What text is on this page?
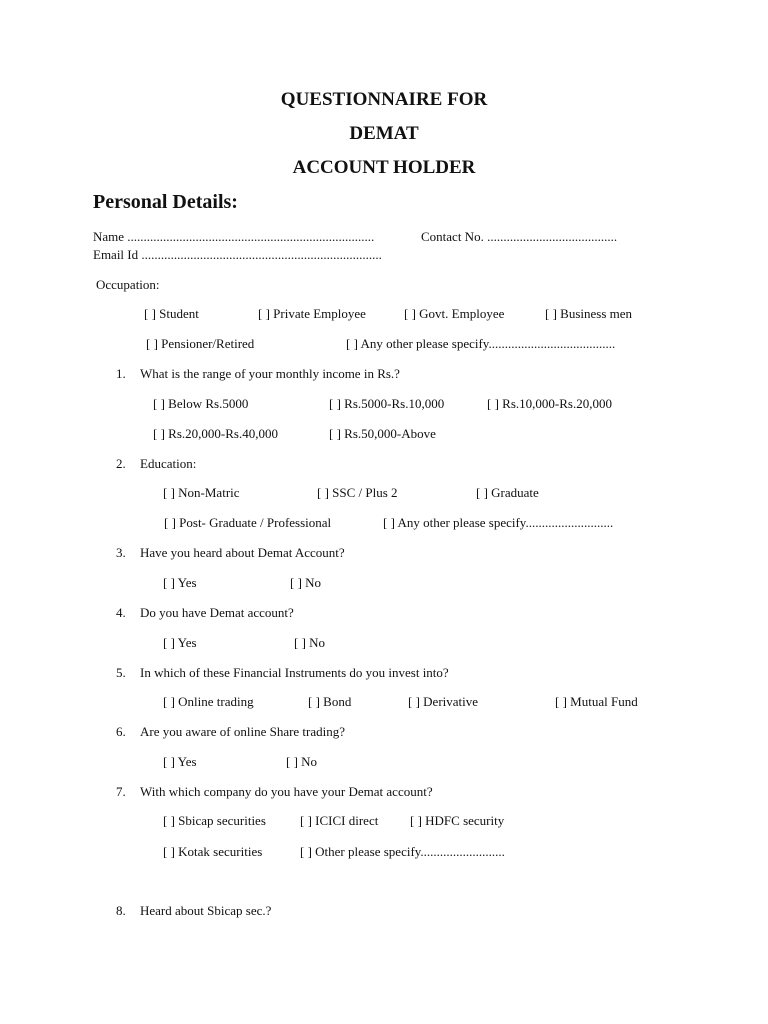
QUESTIONNAIRE FOR
DEMAT
ACCOUNT HOLDER
Personal Details:
Name ............................................................................	Contact No. ........................................
Email Id ..........................................................................
Occupation:
[ ] Student	[ ] Private Employee	[ ] Govt. Employee	[ ] Business men
[ ] Pensioner/Retired	[ ] Any other please specify.......................................
1. What is the range of your monthly income in Rs.?
[ ] Below Rs.5000	[ ] Rs.5000-Rs.10,000	[ ] Rs.10,000-Rs.20,000
[ ] Rs.20,000-Rs.40,000	[ ] Rs.50,000-Above
2. Education:
[ ] Non-Matric	[ ] SSC / Plus 2	[ ] Graduate
[ ] Post- Graduate / Professional	[ ] Any other please specify...........................
3. Have you heard about Demat Account?
[ ] Yes	[ ] No
4. Do you have Demat account?
[ ] Yes	[ ] No
5. In which of these Financial Instruments do you invest into?
[ ] Online trading	[ ] Bond	[ ] Derivative	[ ] Mutual Fund
6. Are you aware of online Share trading?
[ ] Yes	[ ] No
7. With which company do you have your Demat account?
[ ] Sbicap securities	[ ] ICICI direct [ ] HDFC security
[ ] Kotak securities	[ ] Other please specify..........................
8. Heard about Sbicap sec.?
